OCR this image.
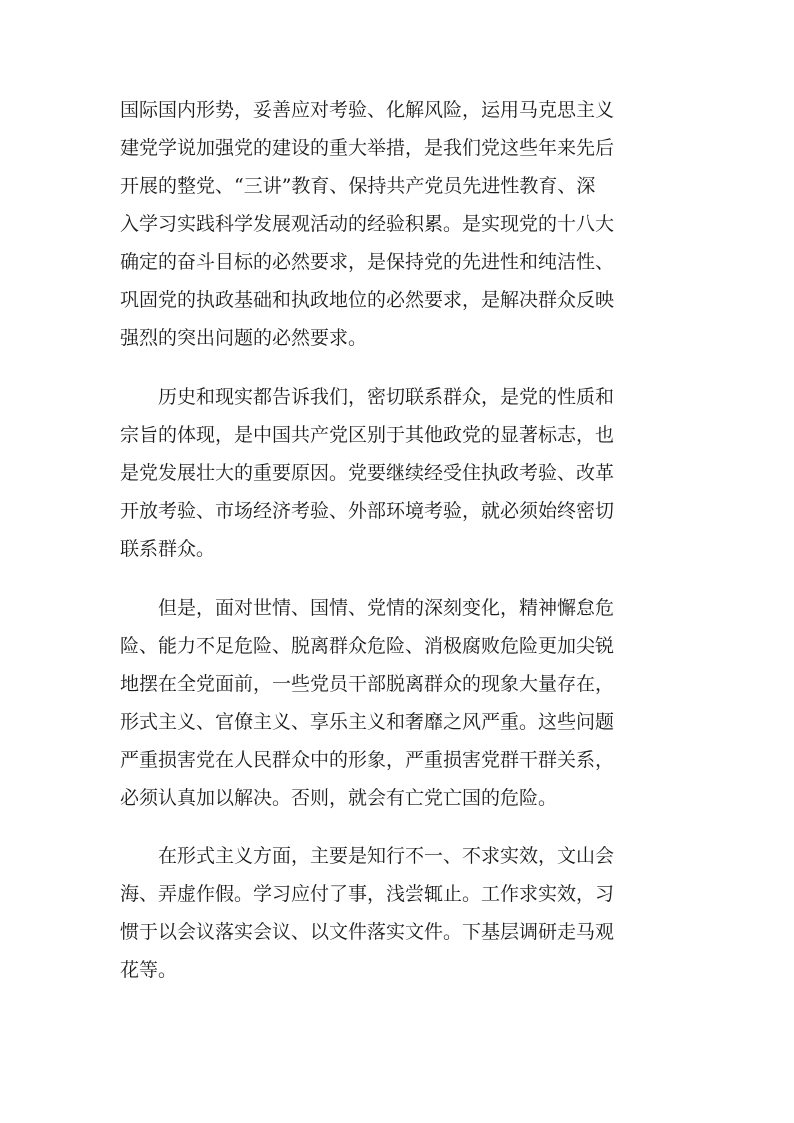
国际国内形势，妥善应对考验、化解风险，运用马克思主义
建党学说加强党的建设的重大举措，是我们党这些年来先后
开展的整党、“三讲”教育、保持共产党员先进性教育、深
入学习实践科学发展观活动的经验积累。是实现党的十八大
确定的奋斗目标的必然要求，是保持党的先进性和纯洁性、
巩固党的执政基础和执政地位的必然要求，是解决群众反映
强烈的突出问题的必然要求。
历史和现实都告诉我们，密切联系群众，是党的性质和
宗旨的体现，是中国共产党区别于其他政党的显著标志，也
是党发展壮大的重要原因。党要继续经受住执政考验、改革
开放考验、市场经济考验、外部环境考验，就必须始终密切
联系群众。
但是，面对世情、国情、党情的深刻变化，精神懈怠危
险、能力不足危险、脱离群众危险、消极腐败危险更加尖锐
地摆在全党面前，一些党员干部脱离群众的现象大量存在，
形式主义、官僚主义、享乐主义和奢靡之风严重。这些问题
严重损害党在人民群众中的形象，严重损害党群干群关系，
必须认真加以解决。否则，就会有亡党亡国的危险。
在形式主义方面，主要是知行不一、不求实效，文山会
海、弄虚作假。学习应付了事，浅尝辄止。工作求实效，习
惯于以会议落实会议、以文件落实文件。下基层调研走马观
花等。
